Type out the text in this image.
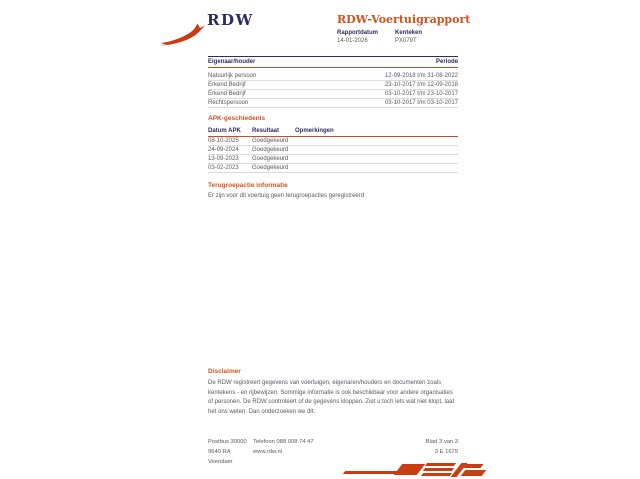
RDW	RDW-Voertuigrapport
Rapportdatum
14-01-2026
Kenteken
PX079T
Eigenaar/houder	Periode
Natuurlijk persoon	12-09-2018 t/m 31-08-2022
Erkend Bedrijf	23-10-2017 t/m 12-09-2018
Erkend Bedrijf	03-10-2017 t/m 23-10-2017
Rechtspersoon	03-10-2017 t/m 03-10-2017
APK-geschiedenis
Datum APK	Resultaat	Opmerkingen
08-10-2025	Goedgekeurd
24-09-2024	Goedgekeurd
13-09-2023	Goedgekeurd
03-02-2023	Goedgekeurd
Terugroepactie informatie
Er zijn voor dit voertuig geen terugroepacties geregistreerd
Disclaimer
De RDW registreert gegevens van voertuigen, eigenaren/houders en documenten zoals kentekens - en rijbewijzen. Sommige informatie is ook beschikbaar voor andere organisaties of personen. De RDW controleert of de gegevens kloppen. Ziet u toch iets wat niet klopt, laat het ons weten. Dan onderzoeken we dit.
Postbus 30000
9640 RA Veendam
Telefoon 088 008 74 47
www.rdw.nl
Blad 3 van 3
3 E 1679
